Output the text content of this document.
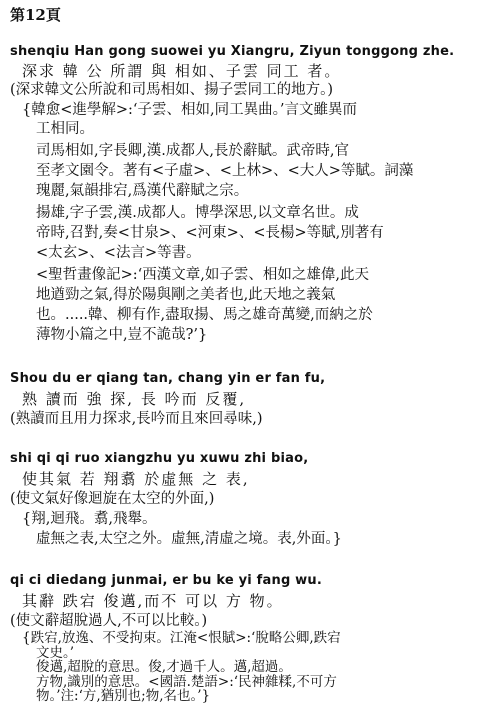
第12頁
shenqiu Han gong suowei yu Xiangru, Ziyun tonggong zhe.
深求 韓 公 所謂 與 相如、子雲 同工 者。
(深求韓文公所說和司馬相如、揚子雲同工的地方。)
{韓愈<進學解>:‘子雲、相如,同工異曲。’言文雖異而
工相同。
司馬相如,字長卿,漢.成都人,長於辭賦。武帝時,官
至孝文園令。著有<子虛>、<上林>、<大人>等賦。詞藻
瑰麗,氣韻排宕,爲漢代辭賦之宗。
揚雄,字子雲,漢.成都人。博學深思,以文章名世。成
帝時,召對,奏<甘泉>、<河東>、<長楊>等賦,別著有
<太玄>、<法言>等書。
<聖哲畫像記>:‘西漢文章,如子雲、相如之雄偉,此天
地遒勁之氣,得於陽與剛之美者也,此天地之義氣
也。.....韓、柳有作,盡取揚、馬之雄奇萬變,而納之於
薄物小篇之中,豈不詭哉?’}
Shou du er qiang tan, chang yin er fan fu,
熟 讀而 強 探, 長 吟而 反覆,
(熟讀而且用力探求,長吟而且來回尋味,)
shi qi qi ruo xiangzhu yu xuwu zhi biao,
使其氣 若 翔翥 於虛無 之 表,
(使文氣好像迴旋在太空的外面,)
{翔,迴飛。翥,飛舉。
虛無之表,太空之外。虛無,清虛之境。表,外面。}
qi ci diedang junmai, er bu ke yi fang wu.
其辭 跌宕 俊邁,而不 可以 方 物。
(使文辭超脫過人,不可以比較。)
{跌宕,放逸、不受拘束。江淹<恨賦>:‘脫略公卿,跌宕
文史。’
俊邁,超脫的意思。俊,才過千人。邁,超過。
方物,識別的意思。<國語.楚語>:‘民神雜糅,不可方
物。’注:‘方,猶別也;物,名也。’}
